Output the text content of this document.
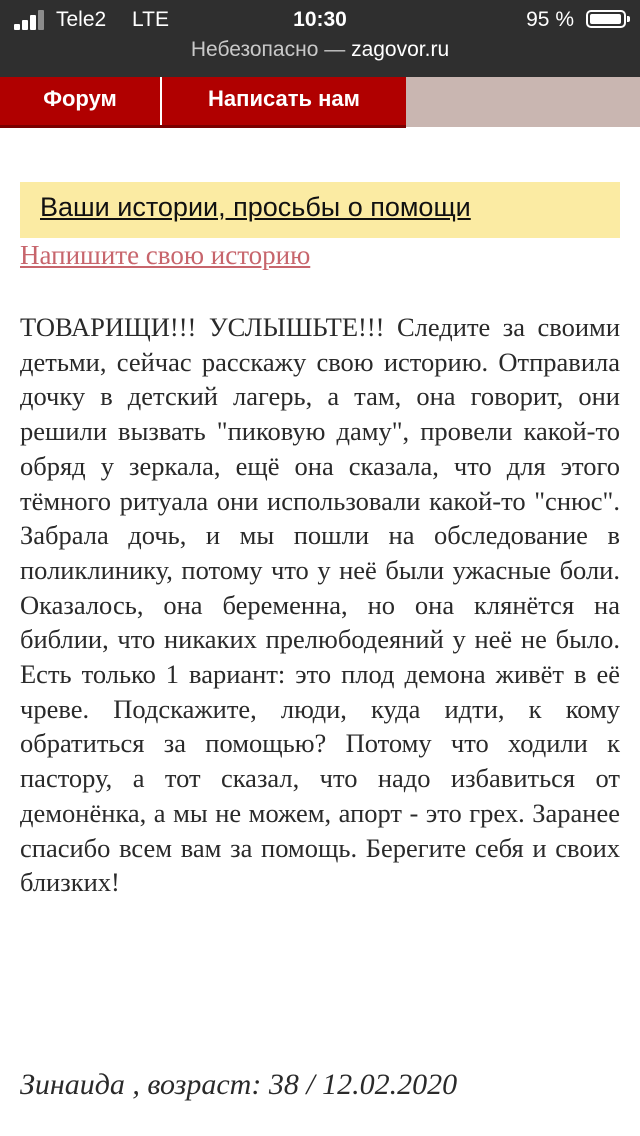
Tele2 LTE	10:30	95 %
Небезопасно — zagovor.ru
Форум	Написать нам
Ваши истории, просьбы о помощи
Напишите свою историю

ТОВАРИЩИ!!! УСЛЫШЬТЕ!!! Следите за своими детьми, сейчас расскажу свою историю. Отправила дочку в детский лагерь, а там, она говорит, они решили вызвать "пиковую даму", провели какой-то обряд у зеркала, ещё она сказала, что для этого тёмного ритуала они использовали какой-то "снюс". Забрала дочь, и мы пошли на обследование в поликлинику, потому что у неё были ужасные боли. Оказалось, она беременна, но она клянётся на библии, что никаких прелюбодеяний у неё не было. Есть только 1 вариант: это плод демона живёт в её чреве. Подскажите, люди, куда идти, к кому обратиться за помощью? Потому что ходили к пастору, а тот сказал, что надо избавиться от демонёнка, а мы не можем, апорт - это грех. Заранее спасибо всем вам за помощь. Берегите себя и своих близких!

Зинаида , возраст: 38 / 12.02.2020
